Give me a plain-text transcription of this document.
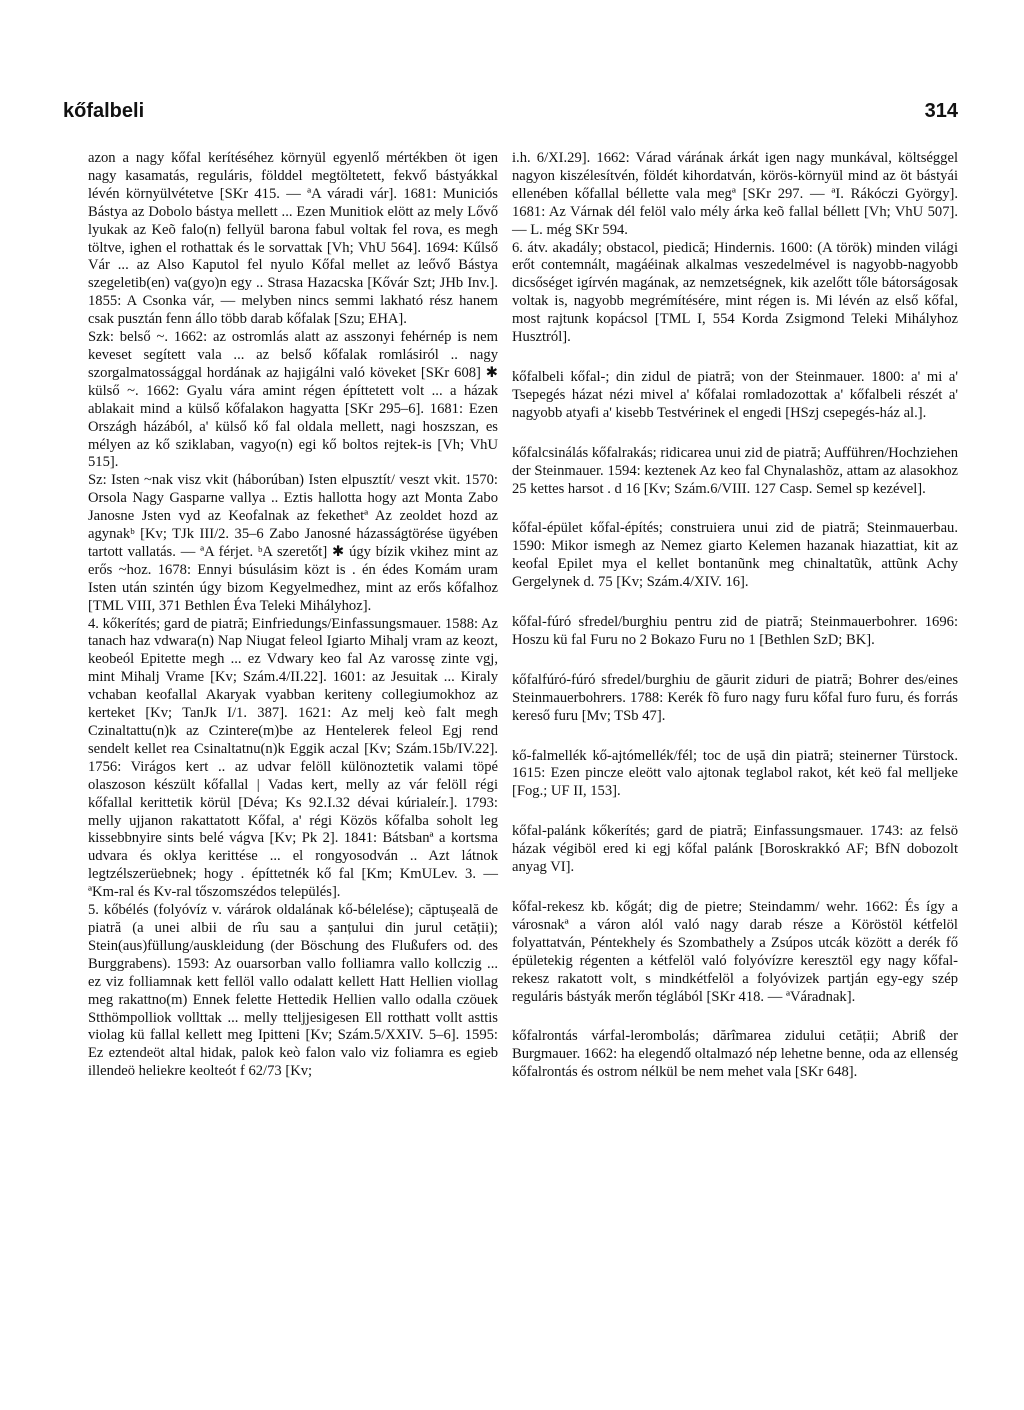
kőfalbeli	314

azon a nagy kőfal kerítéséhez környül egyenlő mértékben öt igen nagy kasamatás, reguláris, földdel megtöltetett, fekvő bástyákkal lévén környülvétetve [SKr 415. — ªA váradi vár]. 1681: Municiós Bástya az Dobolo bástya mellett ... Ezen Munitiok elött az mely Lővő lyukak az Keõ falo(n) fellyül barona fabul voltak fel rova, es megh töltve, ighen el rothattak és le sorvattak [Vh; VhU 564]. 1694: Kűlső Vár ... az Also Kaputol fel nyulo Kőfal mellet az leővő Bástya szegeletib(en) va(gyo)n egy .. Strasa Hazacska [Kővár Szt; JHb Inv.]. 1855: A Csonka vár, — melyben nincs semmi lakható rész hanem csak pusztán fenn állo több darab kőfalak [Szu; EHA].

Szk: belső ~. 1662: az ostromlás alatt az asszonyi fehérnép is nem keveset segített vala ... az belső kőfalak romlásiról .. nagy szorgalmatossággal hordának az hajigálni való köveket [SKr 608] ✱ külső ~. 1662: Gyalu vára amint régen építtetett volt ... a házak ablakait mind a külső kőfalakon hagyatta [SKr 295–6]. 1681: Ezen Országh házából, a' külső kő fal oldala mellett, nagi hoszszan, es mélyen az kő sziklaban, vagyo(n) egi kő boltos rejtek-is [Vh; VhU 515].

Sz: Isten ~nak visz vkit (háborúban) Isten elpusztít/ veszt vkit. 1570: Orsola Nagy Gasparne vallya .. Eztis hallotta hogy azt Monta Zabo Janosne Jsten vyd az Keofalnak az fekethetª Az zeoldet hozd az agynakᵇ [Kv; TJk III/2. 35–6 Zabo Janosné házasságtörése ügyében tartott vallatás. — ªA férjet. ᵇA szeretőt] ✱ úgy bízik vkihez mint az erős ~hoz. 1678: Ennyi búsulásim közt is . én édes Komám uram Isten után szintén úgy bizom Kegyelmedhez, mint az erős kőfalhoz [TML VIII, 371 Bethlen Éva Teleki Mihályhoz].

4. kőkerítés; gard de piatră; Einfriedungs/Einfassungsmauer. 1588: Az tanach haz vdwara(n) Nap Niugat feleol Igiarto Mihalj vram az keozt, keobeól Epitette megh ... ez Vdwary keo fal Az varossę zinte vgj, mint Mihalj Vrame [Kv; Szám.4/II.22]. 1601: az Jesuitak ... Kiraly vchaban keofallal Akaryak vyabban keriteny collegiumokhoz az kerteket [Kv; TanJk I/1. 387]. 1621: Az melj keò falt megh Czinaltattu(n)k az Czintere(m)be az Hentelerek feleol Egj rend sendelt kellet rea Csinaltatnu(n)k Eggik aczal [Kv; Szám.15b/IV.22]. 1756: Virágos kert .. az udvar felöll különoztetik valami töpé olaszoson készült kőfallal | Vadas kert, melly az vár felöll régi kőfallal kerittetik körül [Déva; Ks 92.I.32 dévai kúrialeír.]. 1793: melly ujjanon rakattatott Kőfal, a' régi Közös kőfalba soholt leg kissebbnyire sints belé vágva [Kv; Pk 2]. 1841: Bátsbanª a kortsma udvara és oklya kerittése ... el rongyosodván .. Azt látnok legtzélszerüebnek; hogy . építtetnék kő fal [Km; KmULev. 3. — ªKm-ral és Kv-ral tőszomszédos település].

5. kőbélés (folyóvíz v. várárok oldalának kő-bélelése); căptușeală de piatră (a unei albii de rîu sau a șanțului din jurul cetății); Stein(aus)füllung/auskleidung (der Böschung des Flußufers od. des Burggrabens). 1593: Az ouarsorban vallo folliamra vallo kollczig ... ez viz folliamnak kett fellöl vallo odalatt kellett Hatt Hellien viollag meg rakattno(m) Ennek felette Hettedik Hellien vallo odalla czöuek Stthömpolliok vollttak ... melly tteljjesigesen Ell rotthatt vollt asttis violag kü fallal kellett meg Ipitteni [Kv; Szám.5/XXIV. 5–6]. 1595: Ez eztendeöt altal hidak, palok keò falon valo viz foliamra es egieb illendeö heliekre keolteót f 62/73 [Kv;

i.h. 6/XI.29]. 1662: Várad várának árkát igen nagy munkával, költséggel nagyon kiszélesítvén, földét kihordatván, körös-környül mind az öt bástyái ellenében kőfallal béllette vala megª [SKr 297. — ªI. Rákóczi György]. 1681: Az Várnak dél felöl valo mély árka keõ fallal béllett [Vh; VhU 507]. — L. még SKr 594.

6. átv. akadály; obstacol, piedică; Hindernis. 1600: (A török) minden világi erőt contemnált, magáéinak alkalmas veszedelmével is nagyobb-nagyobb dicsőséget igírvén magának, az nemzetségnek, kik azelőtt tőle bátorságosak voltak is, nagyobb megrémítésére, mint régen is. Mi lévén az első kőfal, most rajtunk kopácsol [TML I, 554 Korda Zsigmond Teleki Mihályhoz Husztról].

kőfalbeli kőfal-; din zidul de piatră; von der Steinmauer. 1800: a' mi a' Tsepegés házat nézi mivel a' kőfalai romladozottak a' kőfalbeli részét a' nagyobb atyafi a' kisebb Testvérinek el engedi [HSzj csepegés-ház al.].

kőfalcsinálás kőfalrakás; ridicarea unui zid de piatră; Aufführen/Hochziehen der Steinmauer. 1594: keztenek Az keo fal Chynalashõz, attam az alasokhoz 25 kettes harsot . d 16 [Kv; Szám.6/VIII. 127 Casp. Semel sp kezével].

kőfal-épület kőfal-építés; construiera unui zid de piatră; Steinmauerbau. 1590: Mikor ismegh az Nemez giarto Kelemen hazanak hiazattiat, kit az keofal Epilet mya el kellet bontanũnk meg chinaltatũk, attũnk Achy Gergelynek d. 75 [Kv; Szám.4/XIV. 16].

kőfal-fúró sfredel/burghiu pentru zid de piatră; Steinmauerbohrer. 1696: Hoszu kü fal Furu no 2 Bokazo Furu no 1 [Bethlen SzD; BK].

kőfalfúró-fúró sfredel/burghiu de găurit ziduri de piatră; Bohrer des/eines Steinmauerbohrers. 1788: Kerék fõ furo nagy furu kőfal furo furu, és forrás kereső furu [Mv; TSb 47].

kő-falmellék kő-ajtómellék/fél; toc de ușă din piatră; steinerner Türstock. 1615: Ezen pincze eleött valo ajtonak teglabol rakot, két keö fal melljeke [Fog.; UF II, 153].

kőfal-palánk kőkerítés; gard de piatră; Einfassungsmauer. 1743: az felsö házak végiböl ered ki egj kőfal palánk [Boroskrakkó AF; BfN dobozolt anyag VI].

kőfal-rekesz kb. kőgát; dig de pietre; Steindamm/ wehr. 1662: És így a városnakª a váron alól való nagy darab része a Köröstöl kétfelöl folyattatván, Péntekhely és Szombathely a Zsúpos utcák között a derék fő épületekig régenten a kétfelöl való folyóvízre keresztöl egy nagy kőfal-rekesz rakatott volt, s mindkétfelöl a folyóvizek partján egy-egy szép reguláris bástyák merőn téglából [SKr 418. — ªVáradnak].

kőfalrontás várfal-lerombolás; dărîmarea zidului cetății; Abriß der Burgmauer. 1662: ha elegendő oltalmazó nép lehetne benne, oda az ellenség kőfalrontás és ostrom nélkül be nem mehet vala [SKr 648].
